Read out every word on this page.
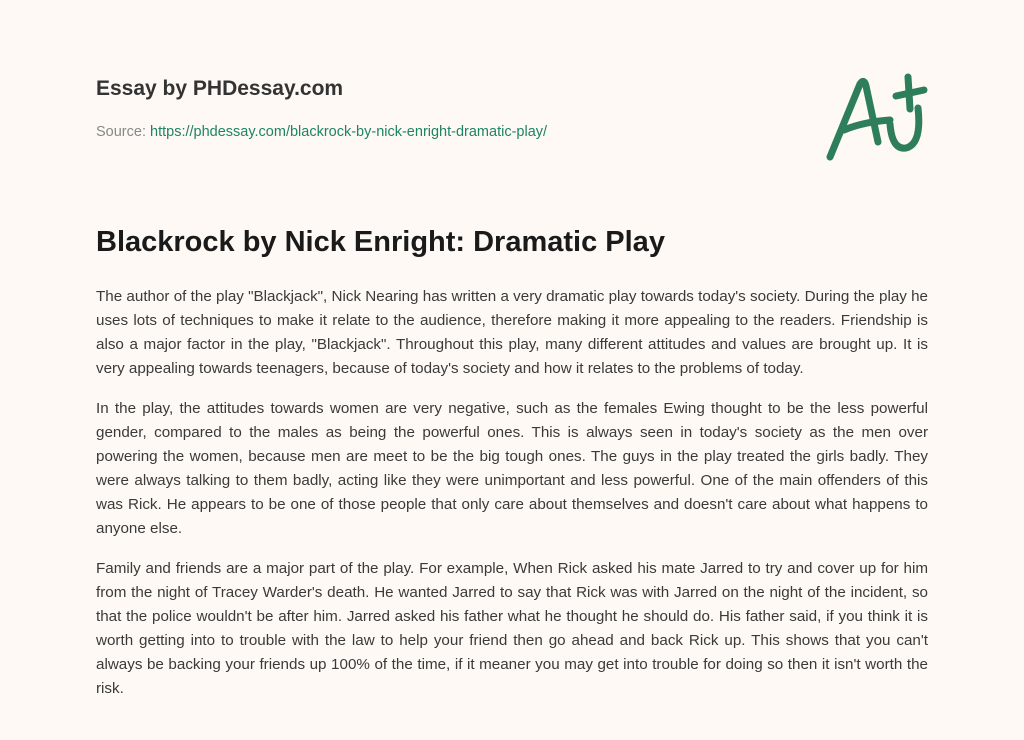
Essay by PHDessay.com
Source: https://phdessay.com/blackrock-by-nick-enright-dramatic-play/
Blackrock by Nick Enright: Dramatic Play

The author of the play "Blackjack", Nick Nearing has written a very dramatic play towards today's society. During the play he uses lots of techniques to make it relate to the audience, therefore making it more appealing to the readers. Friendship is also a major factor in the play, "Blackjack". Throughout this play, many different attitudes and values are brought up. It is very appealing towards teenagers, because of today's society and how it relates to the problems of today.

In the play, the attitudes towards women are very negative, such as the females Ewing thought to be the less powerful gender, compared to the males as being the powerful ones. This is always seen in today's society as the men over powering the women, because men are meet to be the big tough ones. The guys in the play treated the girls badly. They were always talking to them badly, acting like they were unimportant and less powerful. One of the main offenders of this was Rick. He appears to be one of those people that only care about themselves and doesn't care about what happens to anyone else.

Family and friends are a major part of the play. For example, When Rick asked his mate Jarred to try and cover up for him from the night of Tracey Warder's death. He wanted Jarred to say that Rick was with Jarred on the night of the incident, so that the police wouldn't be after him. Jarred asked his father what he thought he should do. His father said, if you think it is worth getting into to trouble with the law to help your friend then go ahead and back Rick up. This shows that you can't always be backing your friends up 100% of the time, if it meaner you may get into trouble for doing so then it isn't worth the risk.
